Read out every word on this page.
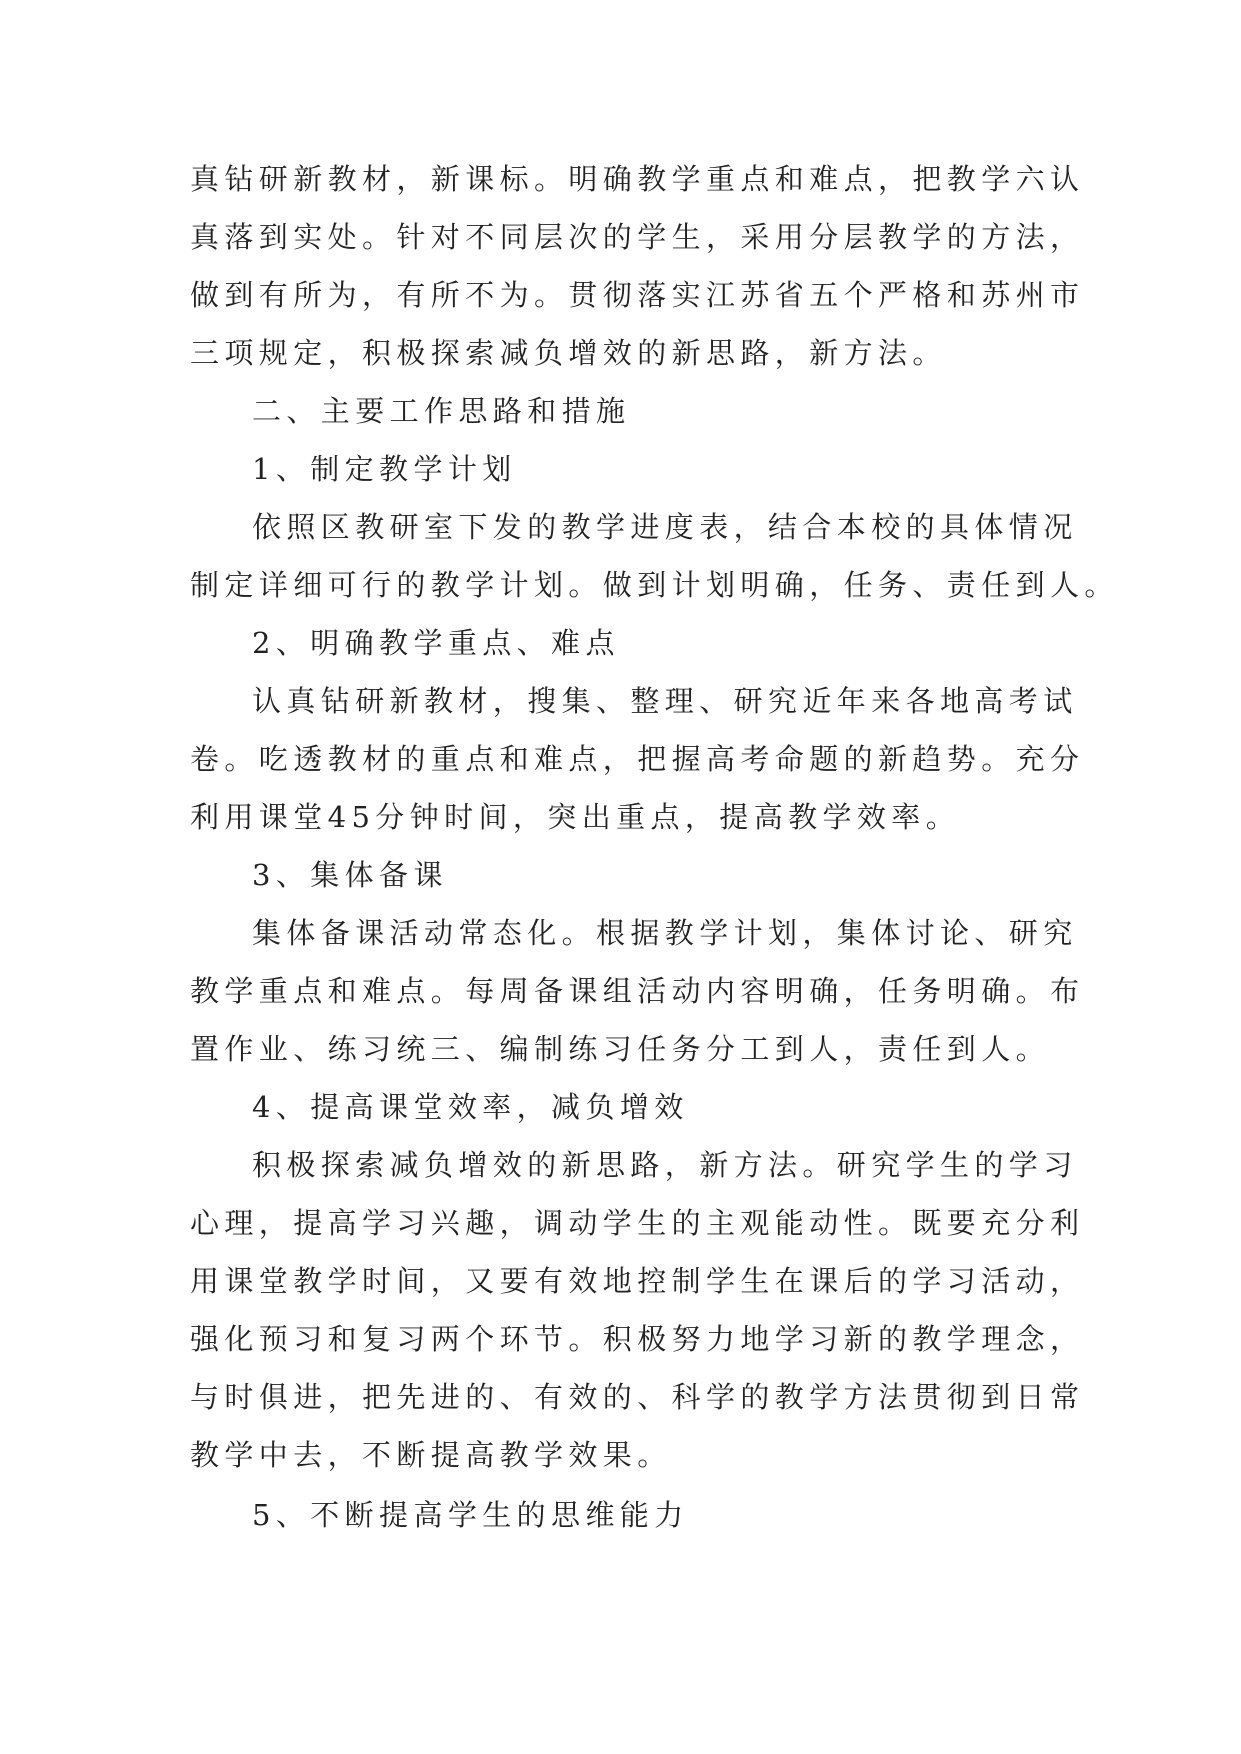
真钻研新教材，新课标。明确教学重点和难点，把教学六认
真落到实处。针对不同层次的学生，采用分层教学的方法，
做到有所为，有所不为。贯彻落实江苏省五个严格和苏州市
三项规定，积极探索减负增效的新思路，新方法。
二、主要工作思路和措施
1、制定教学计划
依照区教研室下发的教学进度表，结合本校的具体情况
制定详细可行的教学计划。做到计划明确，任务、责任到人。
2、明确教学重点、难点
认真钻研新教材，搜集、整理、研究近年来各地高考试
卷。吃透教材的重点和难点，把握高考命题的新趋势。充分
利用课堂45分钟时间，突出重点，提高教学效率。
3、集体备课
集体备课活动常态化。根据教学计划，集体讨论、研究
教学重点和难点。每周备课组活动内容明确，任务明确。布
置作业、练习统三、编制练习任务分工到人，责任到人。
4、提高课堂效率，减负增效
积极探索减负增效的新思路，新方法。研究学生的学习
心理，提高学习兴趣，调动学生的主观能动性。既要充分利
用课堂教学时间，又要有效地控制学生在课后的学习活动，
强化预习和复习两个环节。积极努力地学习新的教学理念，
与时俱进，把先进的、有效的、科学的教学方法贯彻到日常
教学中去，不断提高教学效果。
5、不断提高学生的思维能力
